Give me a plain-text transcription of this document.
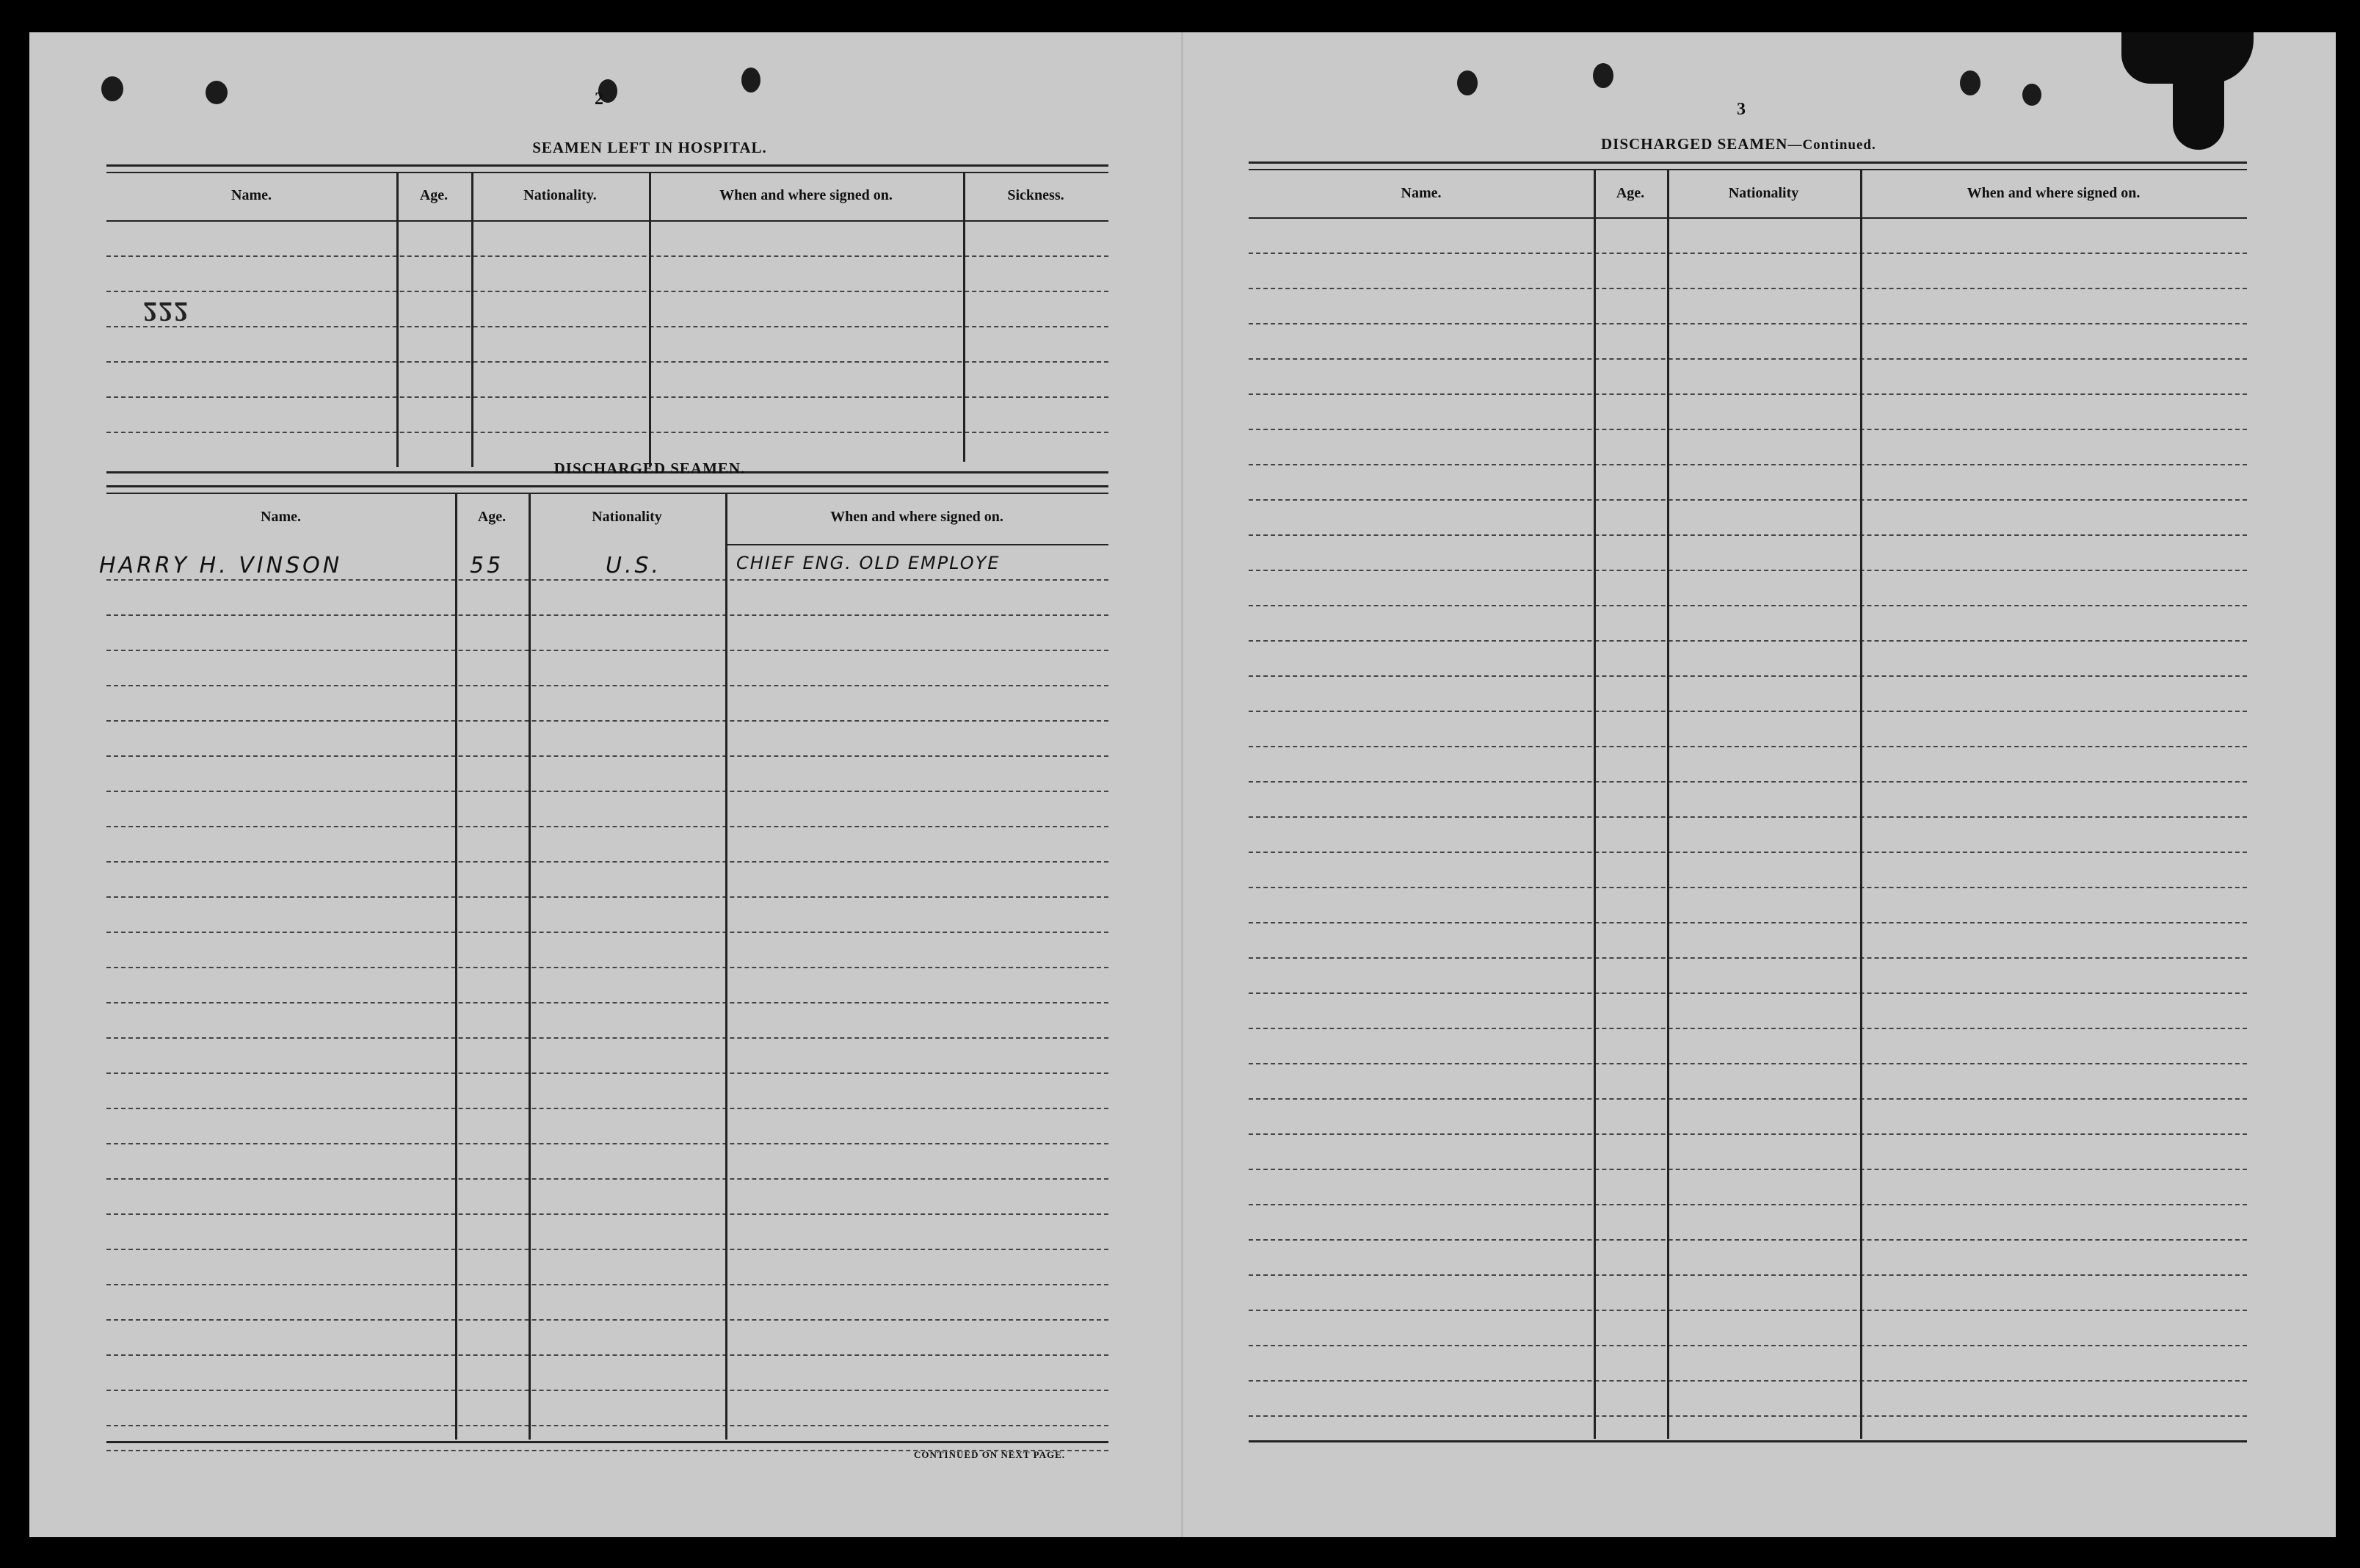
2
SEAMEN LEFT IN HOSPITAL.
Name.	Age.	Nationality.	When and where signed on.	Sickness.
222
DISCHARGED SEAMEN.
Name.	Age.	Nationality	When and where signed on.
HARRY H. VINSON	55	U.S.	CHIEF ENG. OLD EMPLOYE
CONTINUED ON NEXT PAGE.
3
DISCHARGED SEAMEN—Continued.
Name.	Age.	Nationality	When and where signed on.
